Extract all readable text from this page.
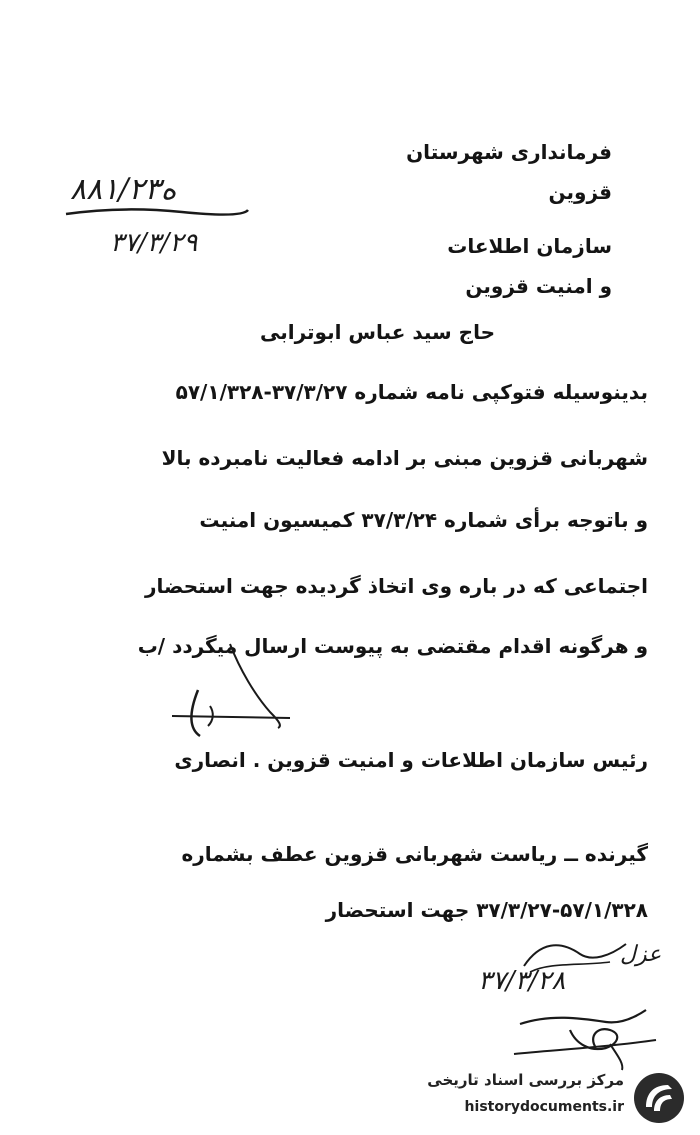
فرمانداری شهرستان
قزوین
سازمان اطلاعات
و امنیت قزوین
۸۸۱/۲۳ه
۳۷/۳/۲۹
حاج سید عباس ابوترابی
بدینوسیله فتوکپی نامه شماره ۳۷/۳/۲۷-۵۷/۱/۳۲۸
شهربانی قزوین مبنی بر ادامه فعالیت نامبرده بالا
و باتوجه برأی شماره ۳۷/۳/۲۴ کمیسیون امنیت
اجتماعی که در باره وی اتخاذ گردیده جهت استحضار
و هرگونه اقدام مقتضی به پیوست ارسال میگردد /ب
رئیس سازمان اطلاعات و امنیت قزوین . انصاری
گیرنده ــ ریاست شهربانی قزوین عطف بشماره
۳۷/۳/۲۷-۵۷/۱/۳۲۸ جهت استحضار
عزل
۳۷/۳/۲۸
مرکز بررسی اسناد تاریخی
historydocuments.ir
